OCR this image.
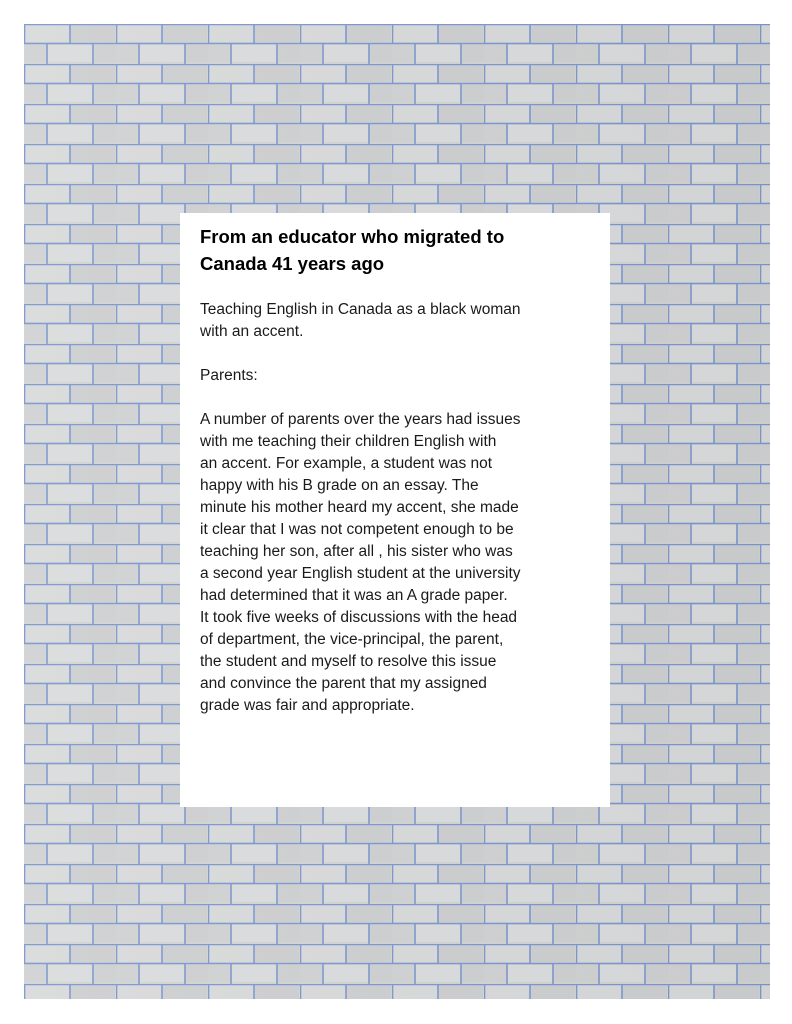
From an educator who migrated to
Canada 41 years ago

Teaching English in Canada as a black woman
with an accent.

Parents:

A number of parents over the years had issues
with me teaching their children English with
an accent. For example, a student was not
happy with his B grade on an essay. The
minute his mother heard my accent, she made
it clear that I was not competent enough to be
teaching her son, after all , his sister who was
a second year English student at the university
had determined that it was an A grade paper.
It took five weeks of discussions with the head
of department, the vice-principal, the parent,
the student and myself to resolve this issue
and convince the parent that my assigned
grade was fair and appropriate.
